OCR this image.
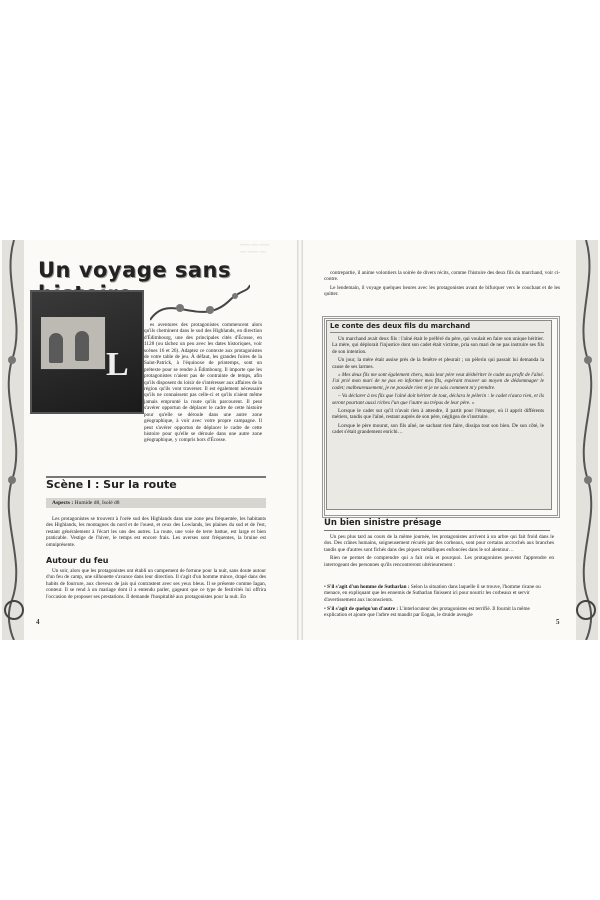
Un voyage sans
L

es aventures des protagonistes commencent alors qu'ils cheminent dans le sud des Highlands, en direction d'Édimbourg, une des principales cités d'Écosse, en 1128 (ou tâchez un peu avec les dates historiques, voir scènes 16 et 26). Adaptez ce contexte aux protagonistes de votre table de jeu. À défaut, les grandes foires de la Saint-Patrick, à l'équinoxe de printemps, sont un prétexte pour se rendre à Édimbourg. Il importe que les protagonistes n'aient pas de contrainte de temps, afin qu'ils disposent du loisir de s'intéresser aux affaires de la région qu'ils vont traverser. Il est également nécessaire qu'ils ne connaissent pas celle-ci et qu'ils n'aient même jamais emprunté la route qu'ils parcourent. Il peut s'avérer opportun de déplacer le cadre de cette histoire pour qu'elle se déroule dans une autre zone géographique, à voir avec votre propre campagne. Il peut s'avérer opportun de déplacer le cadre de cette histoire pour qu'elle se déroule dans une autre zone géographique, y compris hors d'Écosse.

Scène I : Sur la route
Aspects : Humide d8, Isolé d8

Les protagonistes se trouvent à l'orée sud des Highlands dans une zone peu fréquentée, les habitants des Highlands, les montagnes du nord et de l'ouest, et ceux des Lowlands, les plaines du sud et de l'est, restant généralement à l'écart les uns des autres. La route, une voie de terre battue, est large et bien praticable. Vestige de l'hiver, le temps est encore frais. Les averses sont fréquentes, la bruine est omniprésente.

Autour du feu

Un soir, alors que les protagonistes ont établi un campement de fortune pour la nuit, sans doute autour d'un feu de camp, une silhouette s'avance dans leur direction. Il s'agit d'un homme mince, drapé dans des habits de fourrure, aux cheveux de jais qui contrastent avec ses yeux bleus. Il se présente comme Iagan, conteur. Il se rend à un mariage dont il a entendu parler, gageant que ce type de festivités lui offrira l'occasion de proposer ses prestations. Il demande l'hospitalité aux protagonistes pour la nuit. En

4

contrepartie, il anime volontiers la soirée de divers récits, comme l'histoire des deux fils du marchand, voir ci-contre.

Le lendemain, il voyage quelques heures avec les protagonistes avant de bifurquer vers le couchant et de les quitter.

~~~ ~~ ~~~
~~ ~~~ ~~
Le conte des deux fils du marchand

Un marchand avait deux fils : l'aîné était le préféré du père, qui voulait en faire son unique héritier. La mère, qui déplorait l'injustice dont son cadet était victime, pria son mari de ne pas instruire ses fils de son intention.

Un jour, la mère était assise près de la fenêtre et pleurait ; un pèlerin qui passait lui demanda la cause de ses larmes.

« Mes deux fils me sont également chers, mais leur père veut déshériter le cadet au profit de l'aîné. J'ai prié mon mari de ne pas en informer mes fils, espérant trouver un moyen de dédommager le cadet; malheureusement, je ne possède rien et je ne sais comment m'y prendre.

– Va déclarer à tes fils que l'aîné doit hériter de tout, déclara le pèlerin : le cadet n'aura rien, et ils seront pourtant aussi riches l'un que l'autre au trépas de leur père. »

Lorsque le cadet sut qu'il n'avait rien à attendre, il partit pour l'étranger, où il apprit différents métiers, tandis que l'aîné, restant auprès de son père, négligea de s'instruire.

Lorsque le père mourut, son fils aîné, ne sachant rien faire, dissipa tout son bien. De son côté, le cadet s'était grandement enrichi…

Un bien sinistre présage

Un peu plus tard au cours de la même journée, les protagonistes arrivent à un arbre qui fait froid dans le dos. Des crânes humains, soigneusement récurés par des corbeaux, sont pour certains accrochés aux branches tandis que d'autres sont fichés dans des piques métalliques enfoncées dans le sol alentour…

Rien ne permet de comprendre qui a fait cela et pourquoi. Les protagonistes peuvent l'apprendre en interrogeant des personnes qu'ils rencontreront ultérieurement :

• S'il s'agit d'un homme de Sutharlan : Selon la situation dans laquelle il se trouve, l'homme ricane ou menace, en expliquant que les ennemis de Sutharlan finissent ici pour nourrir les corbeaux et servir d'avertissement aux inconscients.
• S'il s'agit de quelqu'un d'autre : L'interlocuteur des protagonistes est terrifié. Il fournit la même explication et ajoute que l'arbre est maudit par Eogan, le druide aveugle
5
